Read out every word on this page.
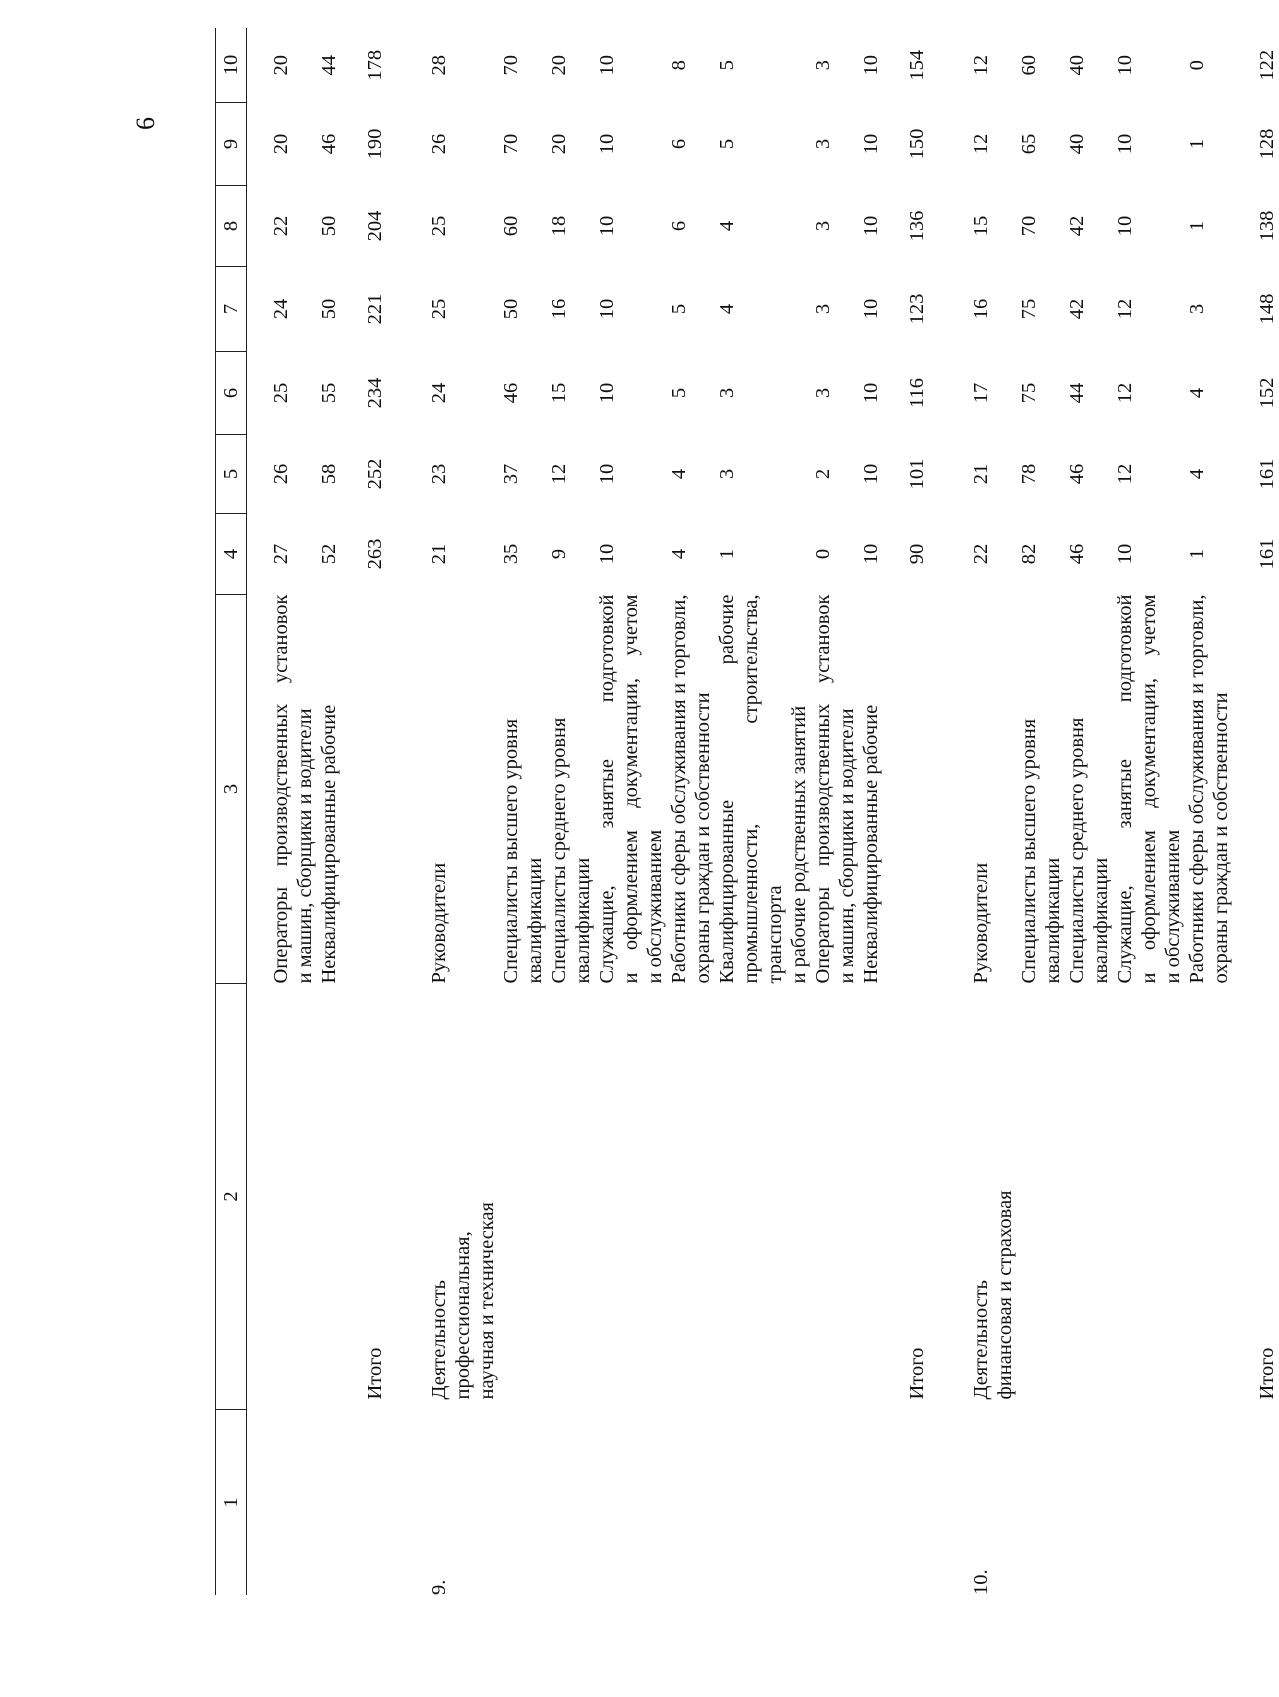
6
1	2	3	4	5	6	7	8	9	10

		Операторы производственных установок и машин, сборщики и водители	27	26	25	24	22	20	20

		Неквалифицированные рабочие	52	58	55	50	50	46	44

	Итого		263	252	234	221	204	190	178

9.	Деятельность
профессиональная,
научная и техническая	Руководители	21	23	24	25	25	26	28

		Специалисты высшего уровня квалификации	35	37	46	50	60	70	70

		Специалисты среднего уровня квалификации	9	12	15	16	18	20	20

		Служащие, занятые подготовкой и оформлением документации, учетом и обслуживанием	10	10	10	10	10	10	10

		Работники сферы обслуживания и торговли, охраны граждан и собственности	4	4	5	5	6	6	8

		Квалифицированные рабочие промышленности, строительства, транспорта и рабочие родственных занятий	1	3	3	4	4	5	5

		Операторы производственных установок и машин, сборщики и водители	0	2	3	3	3	3	3

		Неквалифицированные рабочие	10	10	10	10	10	10	10

	Итого		90	101	116	123	136	150	154

10.	Деятельность
финансовая и страховая	Руководители	22	21	17	16	15	12	12

		Специалисты высшего уровня квалификации	82	78	75	75	70	65	60

		Специалисты среднего уровня квалификации	46	46	44	42	42	40	40

		Служащие, занятые подготовкой и оформлением документации, учетом и обслуживанием	10	12	12	12	10	10	10

		Работники сферы обслуживания и торговли, охраны граждан и собственности	1	4	4	3	1	1	0

	Итого		161	161	152	148	138	128	122
